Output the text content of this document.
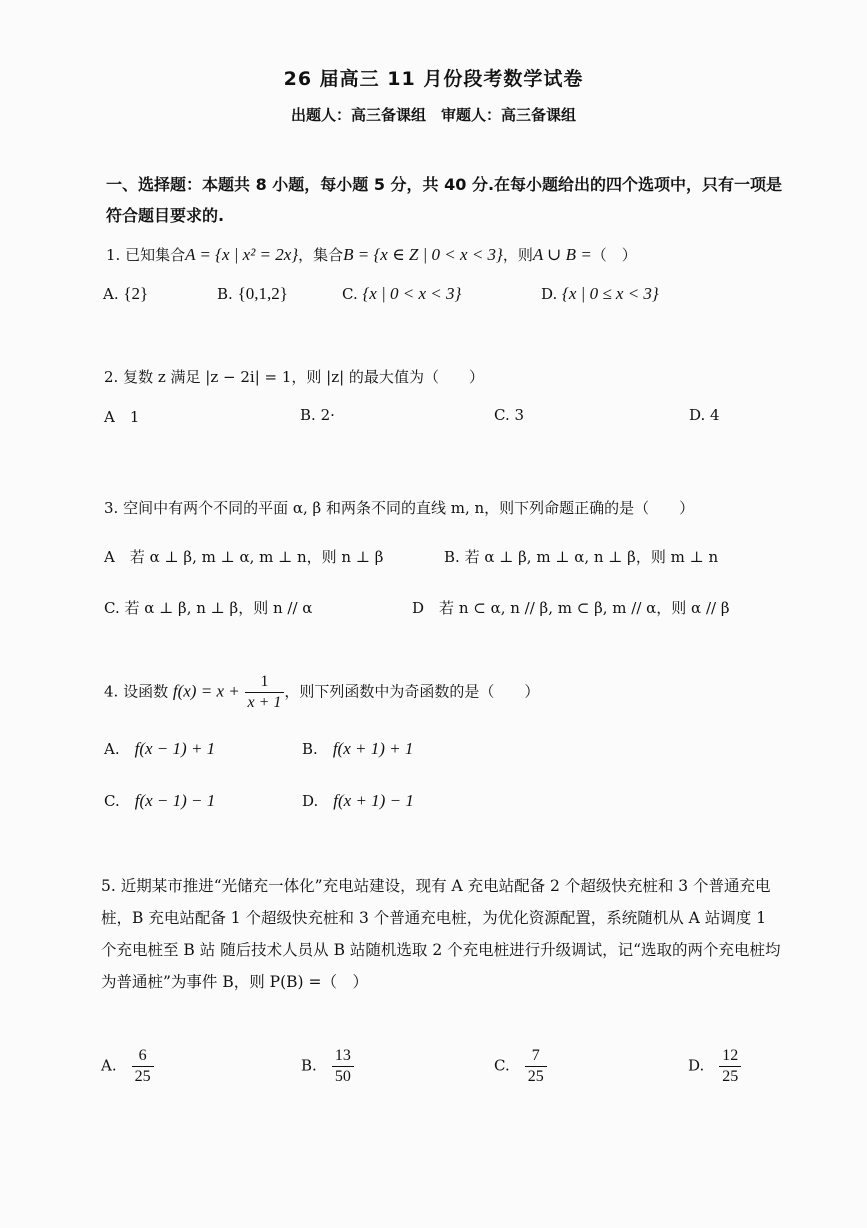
26 届高三 11 月份段考数学试卷
出题人：高三备课组　审题人：高三备课组
一、选择题：本题共 8 小题，每小题 5 分，共 40 分.在每小题给出的四个选项中，只有一项是符合题目要求的.
1. 已知集合A = {x | x² = 2x}，集合B = {x ∈ Z | 0 < x < 3}，则A ∪ B =（　）
A. {2}	B. {0,1,2}	C. {x | 0 < x < 3}	D. {x | 0 ≤ x < 3}
2. 复数 z 满足 |z − 2i| = 1，则 |z| 的最大值为（　　）
A　 1	B. 2·	C. 3	D. 4
3. 空间中有两个不同的平面 α, β 和两条不同的直线 m, n，则下列命题正确的是（　　）
A　 若 α ⊥ β, m ⊥ α, m ⊥ n，则 n ⊥ β	B. 若 α ⊥ β, m ⊥ α, n ⊥ β，则 m ⊥ n
C. 若 α ⊥ β, n ⊥ β，则 n // α	D　 若 n ⊂ α, n // β, m ⊂ β, m // α，则 α // β
4. 设函数 $f(x) = x + \frac{1}{x + 1}$ ，则下列函数中为奇函数的是（　　）
A.　 f(x − 1) + 1	B.　 f(x + 1) + 1
C.　 f(x − 1) − 1	D.　 f(x + 1) − 1
5. 近期某市推进“光储充一体化”充电站建设，现有 A 充电站配备 2 个超级快充桩和 3 个普通充电桩，B 充电站配备 1 个超级快充桩和 3 个普通充电桩，为优化资源配置，系统随机从 A 站调度 1 个充电桩至 B 站 随后技术人员从 B 站随机选取 2 个充电桩进行升级调试，记“选取的两个充电桩均为普通桩”为事件 B，则 P(B) =（　）
A.　 $\frac{6}{25}$	B.　 $\frac{13}{50}$	C.　 $\frac{7}{25}$	D.　 $\frac{12}{25}$
